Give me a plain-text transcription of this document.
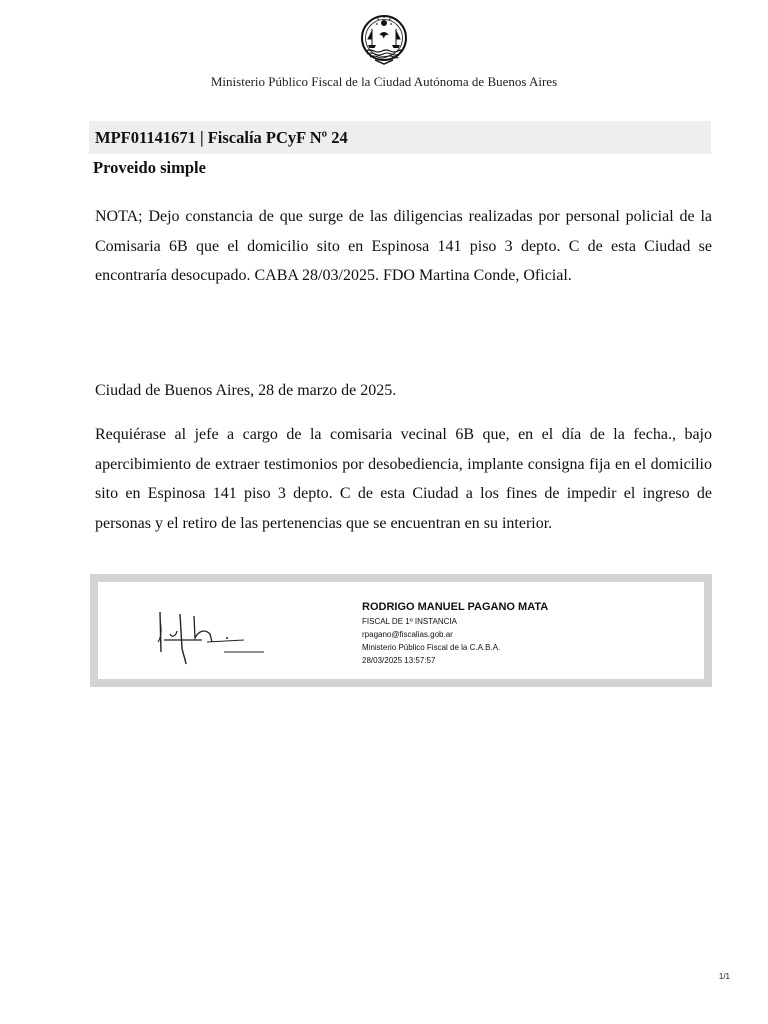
Ministerio Público Fiscal de la Ciudad Autónoma de Buenos Aires
MPF01141671 | Fiscalía PCyF Nº 24
Proveido simple

NOTA; Dejo constancia de que surge de las diligencias realizadas por personal policial de la Comisaria 6B que el domicilio sito en Espinosa 141 piso 3 depto. C de esta Ciudad se encontraría desocupado. CABA 28/03/2025. FDO Martina Conde, Oficial.

Ciudad de Buenos Aires, 28 de marzo de 2025.

Requiérase al jefe a cargo de la comisaria vecinal 6B que, en el día de la fecha., bajo apercibimiento de extraer testimonios por desobediencia, implante consigna fija en el domicilio sito en Espinosa 141 piso 3 depto. C de esta Ciudad a los fines de impedir el ingreso de personas y el retiro de las pertenencias que se encuentran en su interior.

RODRIGO MANUEL PAGANO MATA
FISCAL DE 1º INSTANCIA
rpagano@fiscalias.gob.ar
Ministerio Público Fiscal de la C.A.B.A.
28/03/2025 13:57:57
1/1
